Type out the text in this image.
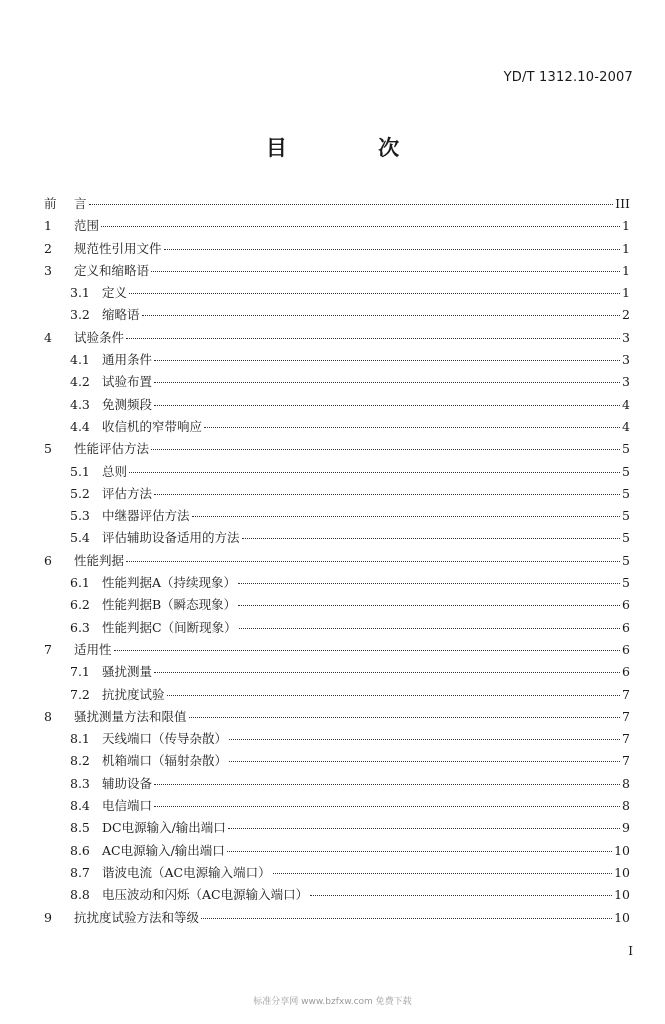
YD/T 1312.10-2007
目 次
前	言	III
1	范围	1
2	规范性引用文件	1
3	定义和缩略语	1
3.1 定义	1
3.2 缩略语	2
4	试验条件	3
4.1 通用条件	3
4.2 试验布置	3
4.3 免测频段	4
4.4 收信机的窄带响应	4
5	性能评估方法	5
5.1 总则	5
5.2 评估方法	5
5.3 中继器评估方法	5
5.4 评估辅助设备适用的方法	5
6	性能判据	5
6.1 性能判据A（持续现象）	5
6.2 性能判据B（瞬态现象）	6
6.3 性能判据C（间断现象）	6
7	适用性	6
7.1 骚扰测量	6
7.2 抗扰度试验	7
8	骚扰测量方法和限值	7
8.1 天线端口（传导杂散）	7
8.2 机箱端口（辐射杂散）	7
8.3 辅助设备	8
8.4 电信端口	8
8.5 DC电源输入/输出端口	9
8.6 AC电源输入/输出端口	10
8.7 谐波电流（AC电源输入端口）	10
8.8 电压波动和闪烁（AC电源输入端口）	10
9	抗扰度试验方法和等级	10
I
标准分享网 www.bzfxw.com 免费下载
